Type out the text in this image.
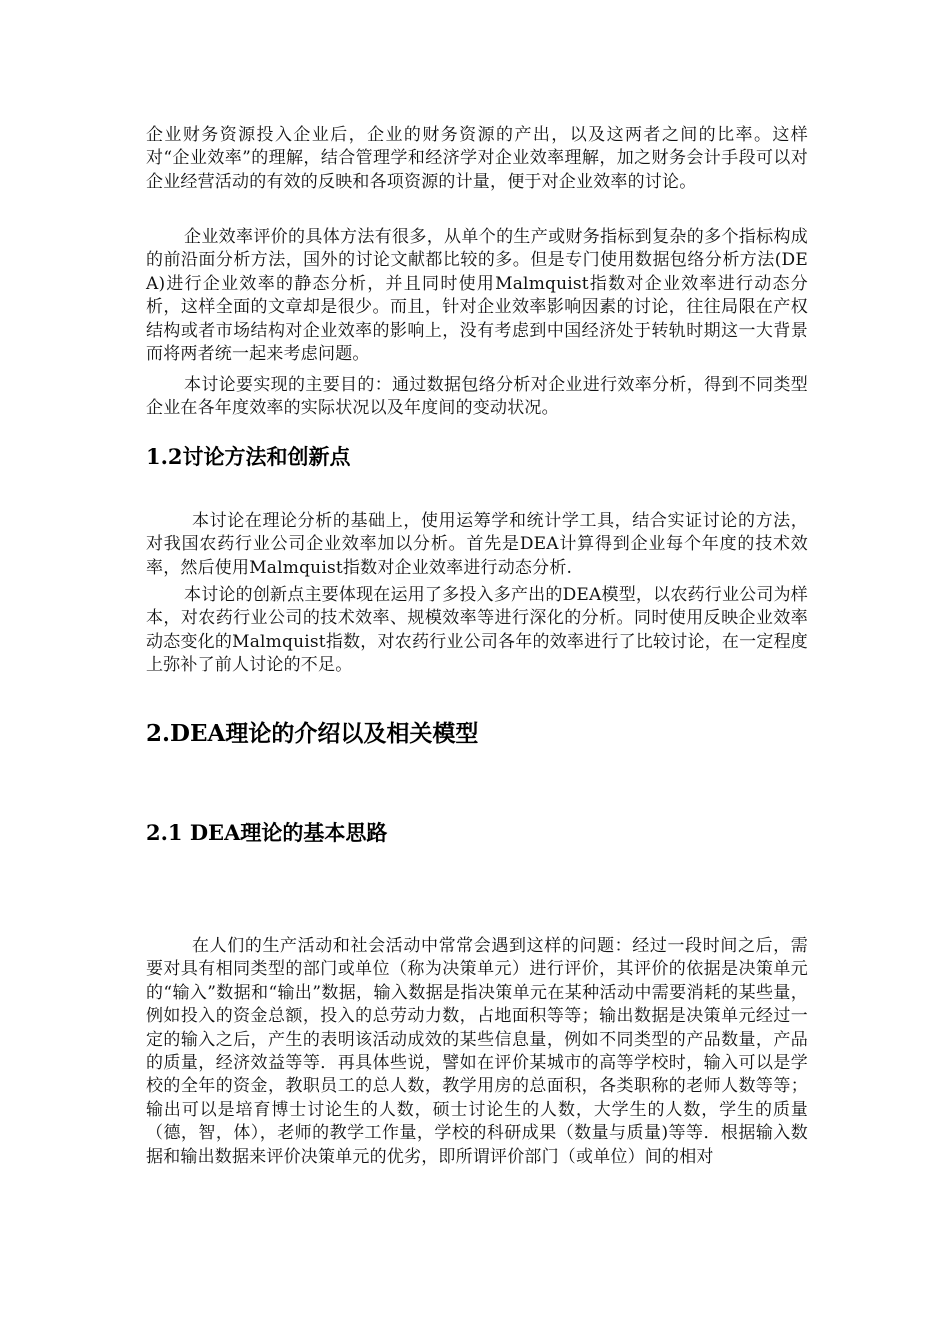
企业财务资源投入企业后，企业的财务资源的产出，以及这两者之间的比率。这样对“企业效率”的理解，结合管理学和经济学对企业效率理解，加之财务会计手段可以对企业经营活动的有效的反映和各项资源的计量，便于对企业效率的讨论。

企业效率评价的具体方法有很多，从单个的生产或财务指标到复杂的多个指标构成的前沿面分析方法，国外的讨论文献都比较的多。但是专门使用数据包络分析方法(DEA)进行企业效率的静态分析，并且同时使用Malmquist指数对企业效率进行动态分析，这样全面的文章却是很少。而且，针对企业效率影响因素的讨论，往往局限在产权结构或者市场结构对企业效率的影响上，没有考虑到中国经济处于转轨时期这一大背景而将两者统一起来考虑问题。

本讨论要实现的主要目的：通过数据包络分析对企业进行效率分析，得到不同类型企业在各年度效率的实际状况以及年度间的变动状况。

1.2讨论方法和创新点

本讨论在理论分析的基础上，使用运筹学和统计学工具，结合实证讨论的方法，对我国农药行业公司企业效率加以分析。首先是DEA计算得到企业每个年度的技术效率，然后使用Malmquist指数对企业效率进行动态分析.

本讨论的创新点主要体现在运用了多投入多产出的DEA模型，以农药行业公司为样本，对农药行业公司的技术效率、规模效率等进行深化的分析。同时使用反映企业效率动态变化的Malmquist指数，对农药行业公司各年的效率进行了比较讨论，在一定程度上弥补了前人讨论的不足。

2.DEA理论的介绍以及相关模型
2.1 DEA理论的基本思路

在人们的生产活动和社会活动中常常会遇到这样的问题：经过一段时间之后，需要对具有相同类型的部门或单位（称为决策单元）进行评价，其评价的依据是决策单元的“输入”数据和“输出”数据，输入数据是指决策单元在某种活动中需要消耗的某些量，例如投入的资金总额，投入的总劳动力数，占地面积等等；输出数据是决策单元经过一定的输入之后，产生的表明该活动成效的某些信息量，例如不同类型的产品数量，产品的质量，经济效益等等．再具体些说，譬如在评价某城市的高等学校时，输入可以是学校的全年的资金，教职员工的总人数，教学用房的总面积，各类职称的老师人数等等；输出可以是培育博士讨论生的人数，硕士讨论生的人数，大学生的人数，学生的质量（德，智，体），老师的教学工作量，学校的科研成果（数量与质量)等等．根据输入数据和输出数据来评价决策单元的优劣，即所谓评价部门（或单位）间的相对
